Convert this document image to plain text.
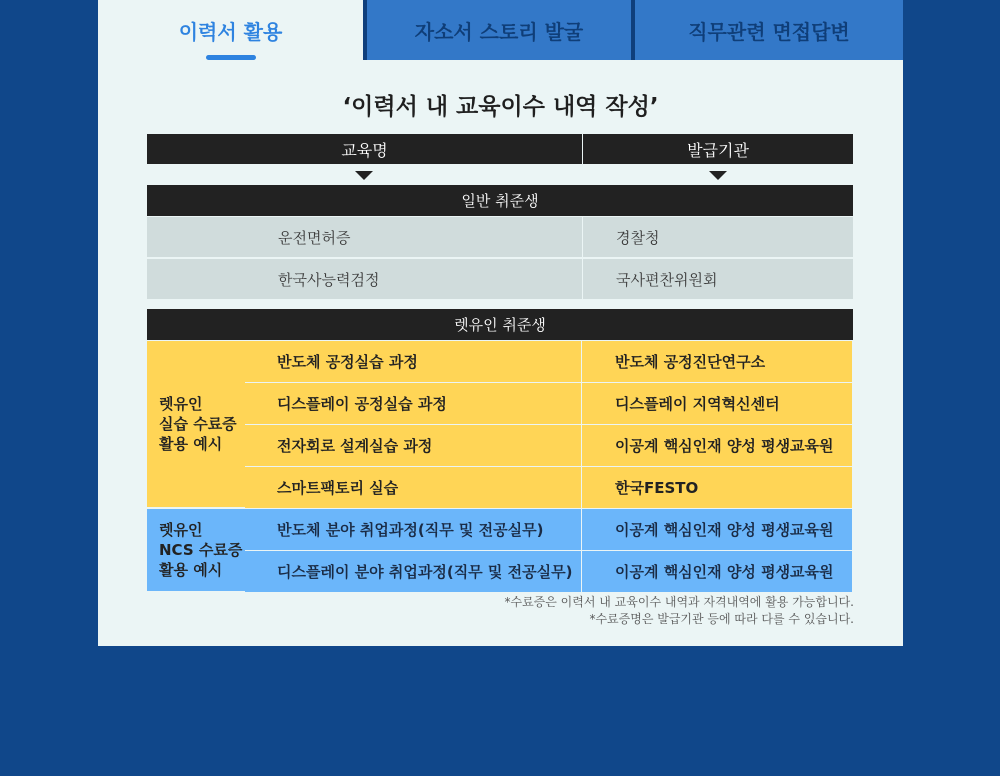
이력서 활용	자소서 스토리 발굴	직무관련 면접답변
‘이력서 내 교육이수 내역 작성’
교육명	발급기관
일반 취준생
운전면허증	경찰청
한국사능력검정	국사편찬위원회
렛유인 취준생
렛유인
실습 수료증
활용 예시
반도체 공정실습 과정	반도체 공정진단연구소
디스플레이 공정실습 과정	디스플레이 지역혁신센터
전자회로 설계실습 과정	이공계 핵심인재 양성 평생교육원
스마트팩토리 실습	한국FESTO
렛유인
NCS 수료증
활용 예시
반도체 분야 취업과정(직무 및 전공실무)	이공계 핵심인재 양성 평생교육원
디스플레이 분야 취업과정(직무 및 전공실무)	이공계 핵심인재 양성 평생교육원
*수료증은 이력서 내 교육이수 내역과 자격내역에 활용 가능합니다.
*수료증명은 발급기관 등에 따라 다를 수 있습니다.
